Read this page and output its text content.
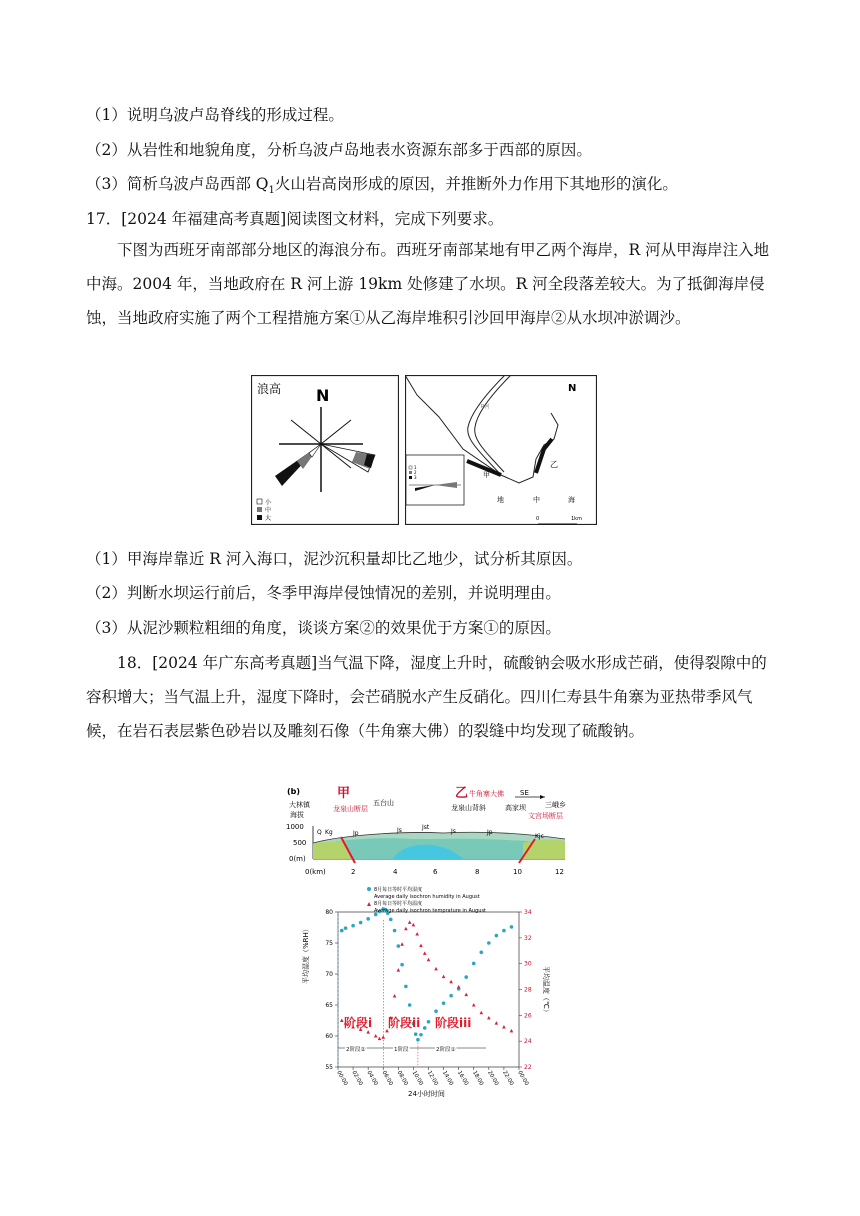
（1）说明乌波卢岛脊线的形成过程。
（2）从岩性和地貌角度，分析乌波卢岛地表水资源东部多于西部的原因。
（3）简析乌波卢岛西部 $Q_1$火山岩高岗形成的原因，并推断外力作用下其地形的演化。
17．[2024 年福建高考真题]阅读图文材料，完成下列要求。
下图为西班牙南部部分地区的海浪分布。西班牙南部某地有甲乙两个海岸，R 河从甲海岸注入地中海。2004 年，当地政府在 R 河上游 19km 处修建了水坝。R 河全段落差较大。为了抵御海岸侵蚀，当地政府实施了两个工程措施方案①从乙海岸堆积引沙回甲海岸②从水坝冲淤调沙。
浪高 N
小
中
大
N
R河
甲
乙
地	中	海
1
2
3
0	1km
（1）甲海岸靠近 R 河入海口，泥沙沉积量却比乙地少，试分析其原因。
（2）判断水坝运行前后，冬季甲海岸侵蚀情况的差别，并说明理由。
（3）从泥沙颗粒粗细的角度，谈谈方案②的效果优于方案①的原因。
18．[2024 年广东高考真题]当气温下降，湿度上升时，硫酸钠会吸水形成芒硝，使得裂隙中的容积增大；当气温上升，湿度下降时，会芒硝脱水产生反硝化。四川仁寿县牛角寨为亚热带季风气候，在岩石表层紫色砂岩以及雕刻石像（牛角寨大佛）的裂缝中均发现了硫酸钠。
(b)	甲	乙 牛角寨大佛 SE
大林镇	五台山
龙泉山背斜	高家坝	三峨乡
海拔
龙泉山断层
文宫场断层
1000
500
0(m)
Q Kg	Jp	Js	Jst
Js	Jp
Kjc
0(km)	2	4	6	8	10	12
55
60
65
70
75
80
22
24
26
28
30
32
34
00:00 02:00 04:00 06:00 08:00 10:00 12:00 14:00 16:00 18:00 20:00 22:00 00:00
8月每日等时平均湿度
Average daily isochron humidity in August
8月每日等时平均温度
Average daily isochron temprature in August
平均湿度（%RH）
平均温度（℃）
24小时时间
阶段i 阶段ii 阶段iii
2阶段②	1阶段	2阶段①
